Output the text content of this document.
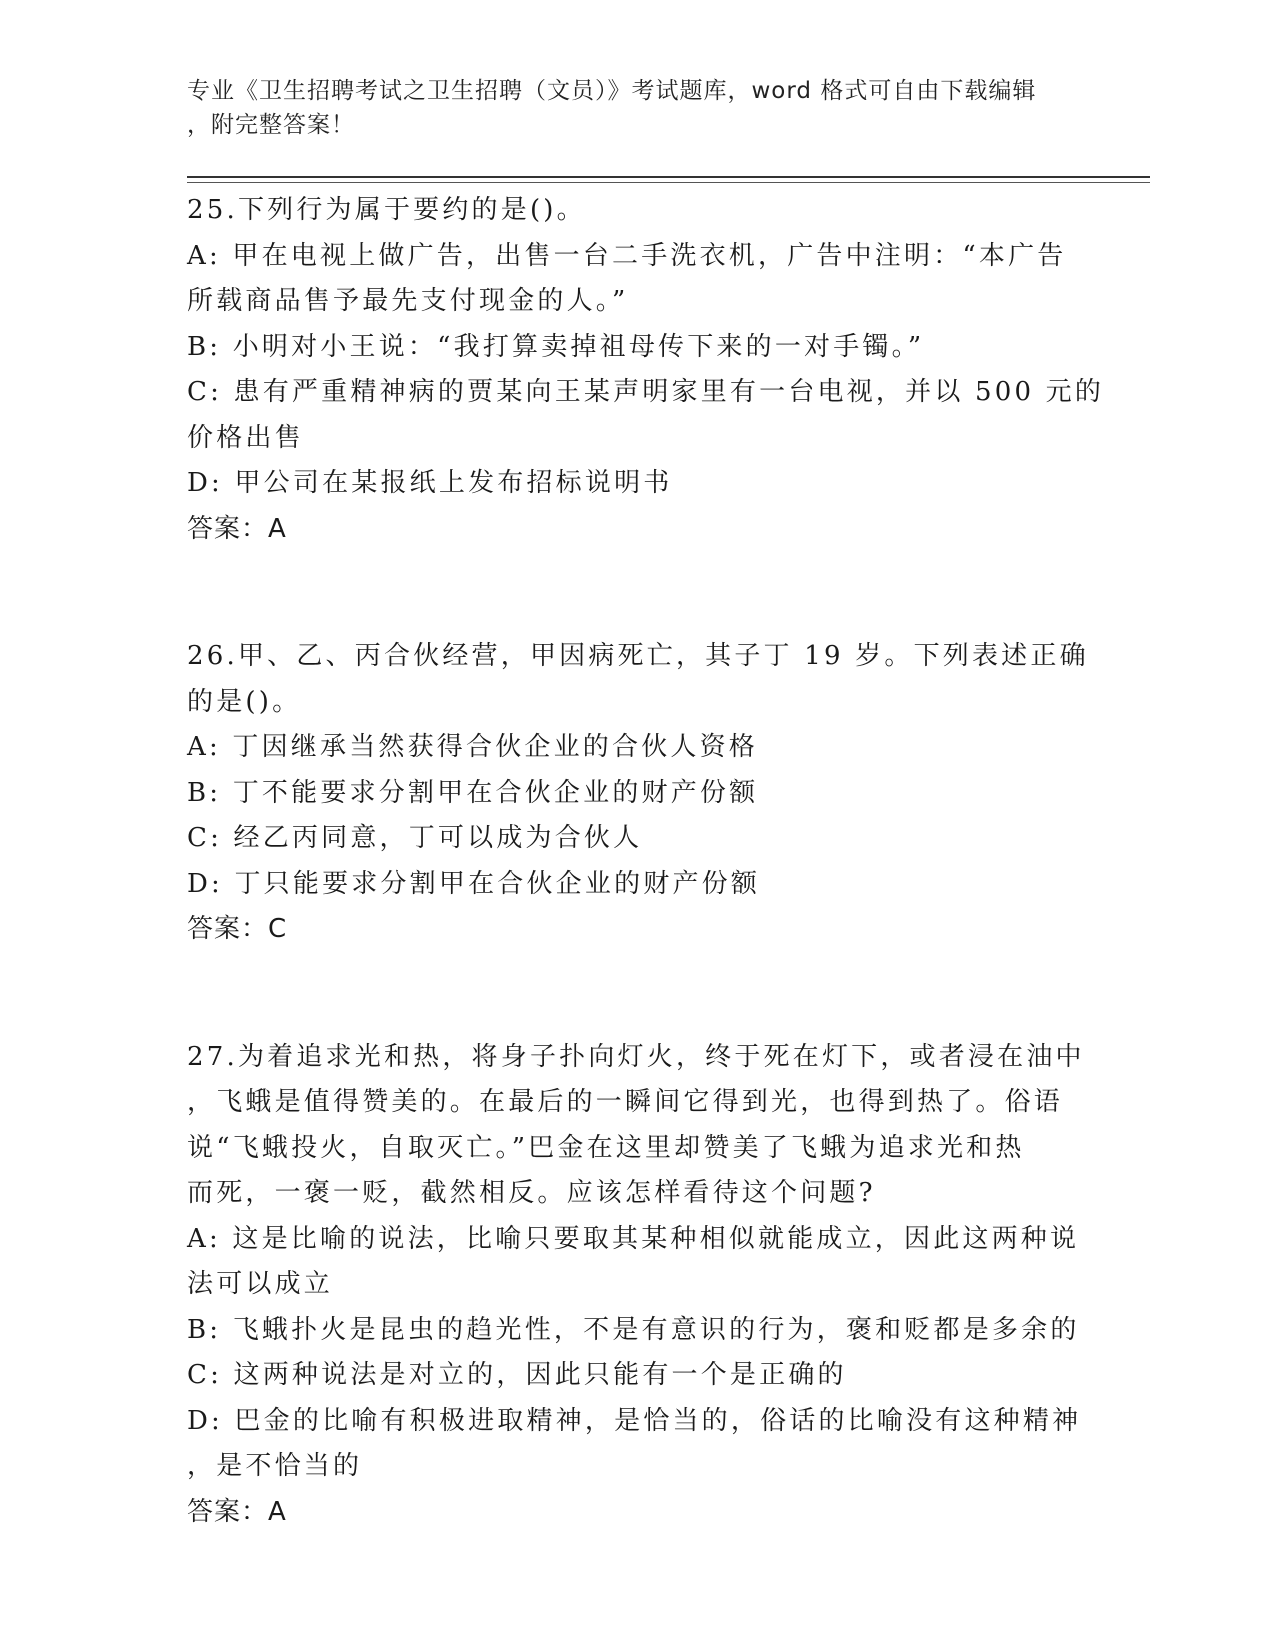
专业《卫生招聘考试之卫生招聘（文员）》考试题库，word 格式可自由下载编辑
，附完整答案！
25.下列行为属于要约的是()。
A: 甲在电视上做广告，出售一台二手洗衣机，广告中注明：“本广告
所载商品售予最先支付现金的人。”
B: 小明对小王说：“我打算卖掉祖母传下来的一对手镯。”
C: 患有严重精神病的贾某向王某声明家里有一台电视，并以 500 元的
价格出售
D: 甲公司在某报纸上发布招标说明书
答案：A
26.甲、乙、丙合伙经营，甲因病死亡，其子丁 19 岁。下列表述正确
的是()。
A: 丁因继承当然获得合伙企业的合伙人资格
B: 丁不能要求分割甲在合伙企业的财产份额
C: 经乙丙同意，丁可以成为合伙人
D: 丁只能要求分割甲在合伙企业的财产份额
答案：C
27.为着追求光和热，将身子扑向灯火，终于死在灯下，或者浸在油中
，飞蛾是值得赞美的。在最后的一瞬间它得到光，也得到热了。俗语
说“飞蛾投火，自取灭亡。”巴金在这里却赞美了飞蛾为追求光和热
而死，一褒一贬，截然相反。应该怎样看待这个问题?
A: 这是比喻的说法，比喻只要取其某种相似就能成立，因此这两种说
法可以成立
B: 飞蛾扑火是昆虫的趋光性，不是有意识的行为，褒和贬都是多余的
C: 这两种说法是对立的，因此只能有一个是正确的
D: 巴金的比喻有积极进取精神，是恰当的，俗话的比喻没有这种精神
，是不恰当的
答案：A
